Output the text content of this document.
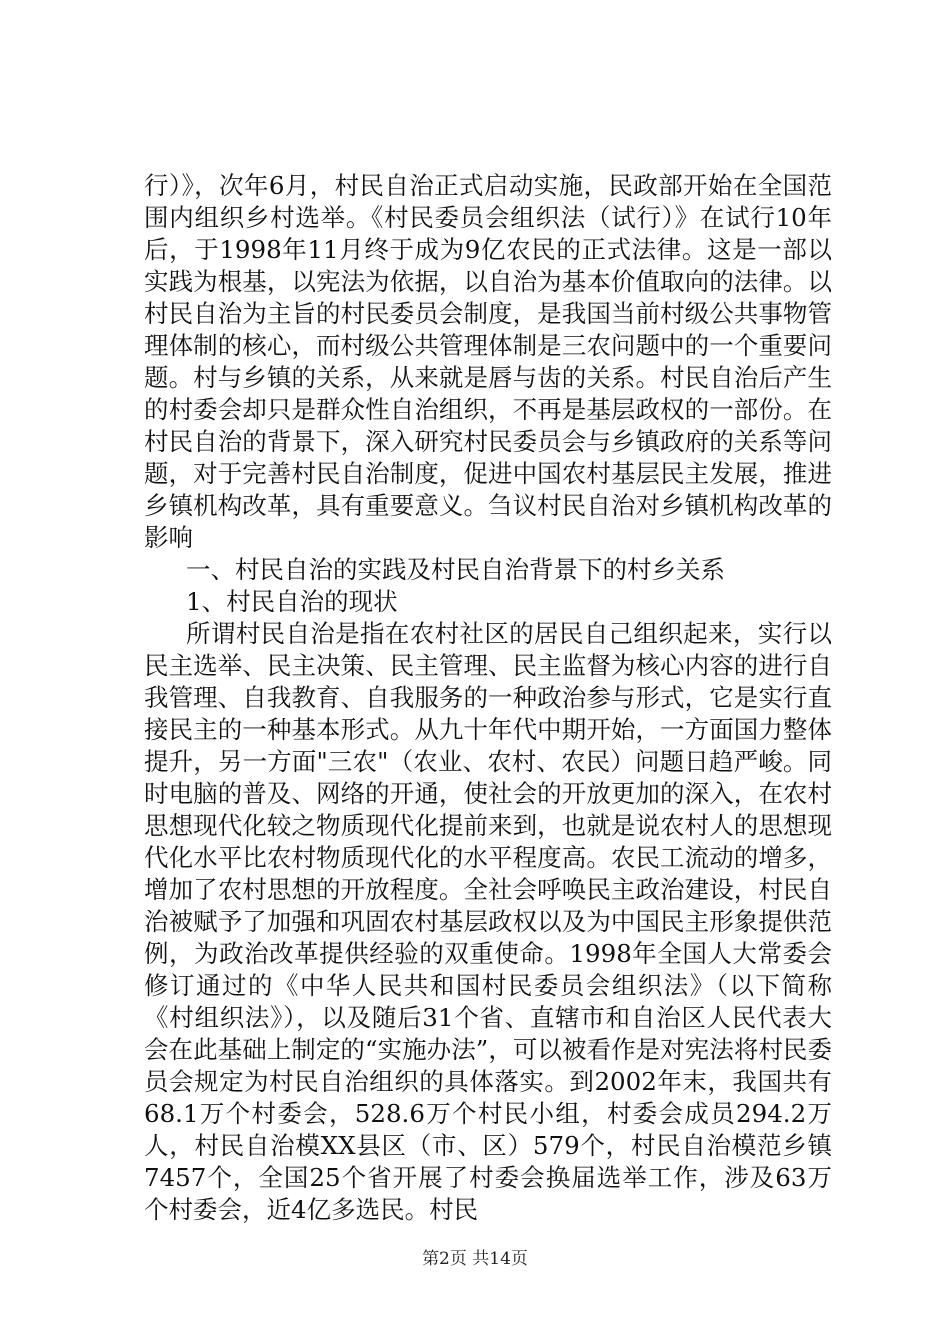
行）》，次年6月，村民自治正式启动实施，民政部开始在全国范围内组织乡村选举。《村民委员会组织法（试行）》在试行10年后，于1998年11月终于成为9亿农民的正式法律。这是一部以实践为根基，以宪法为依据，以自治为基本价值取向的法律。以村民自治为主旨的村民委员会制度，是我国当前村级公共事物管理体制的核心，而村级公共管理体制是三农问题中的一个重要问题。村与乡镇的关系，从来就是唇与齿的关系。村民自治后产生的村委会却只是群众性自治组织，不再是基层政权的一部份。在村民自治的背景下，深入研究村民委员会与乡镇政府的关系等问题，对于完善村民自治制度，促进中国农村基层民主发展，推进乡镇机构改革，具有重要意义。刍议村民自治对乡镇机构改革的影响

一、村民自治的实践及村民自治背景下的村乡关系

1、村民自治的现状

所谓村民自治是指在农村社区的居民自己组织起来，实行以民主选举、民主决策、民主管理、民主监督为核心内容的进行自我管理、自我教育、自我服务的一种政治参与形式，它是实行直接民主的一种基本形式。从九十年代中期开始，一方面国力整体提升，另一方面"三农"（农业、农村、农民）问题日趋严峻。同时电脑的普及、网络的开通，使社会的开放更加的深入，在农村思想现代化较之物质现代化提前来到，也就是说农村人的思想现代化水平比农村物质现代化的水平程度高。农民工流动的增多，增加了农村思想的开放程度。全社会呼唤民主政治建设，村民自治被赋予了加强和巩固农村基层政权以及为中国民主形象提供范例，为政治改革提供经验的双重使命。1998年全国人大常委会修订通过的《中华人民共和国村民委员会组织法》（以下简称《村组织法》），以及随后31个省、直辖市和自治区人民代表大会在此基础上制定的“实施办法”，可以被看作是对宪法将村民委员会规定为村民自治组织的具体落实。到2002年末，我国共有68.1万个村委会，528.6万个村民小组，村委会成员294.2万人，村民自治模XX县区（市、区）579个，村民自治模范乡镇7457个，全国25个省开展了村委会换届选举工作，涉及63万个村委会，近4亿多选民。村民

第2页 共14页
